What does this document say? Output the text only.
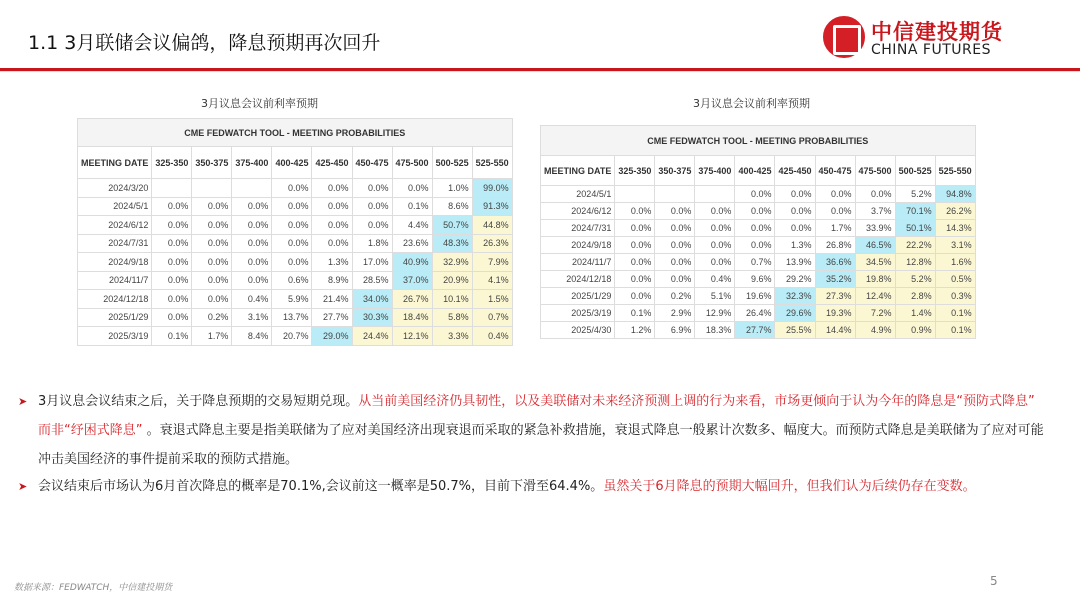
1.1 3月联储会议偏鸽，降息预期再次回升	中信建投期货
CHINA FUTURES
3月议息会议前利率预期	3月议息会议前利率预期
CME FEDWATCH TOOL - MEETING PROBABILITIES									
MEETING DATE	325-350	350-375	375-400	400-425	425-450	450-475	475-500	500-525	525-550
2024/3/20				0.0%	0.0%	0.0%	0.0%	1.0%	99.0%
2024/5/1	0.0%	0.0%	0.0%	0.0%	0.0%	0.0%	0.1%	8.6%	91.3%
2024/6/12	0.0%	0.0%	0.0%	0.0%	0.0%	0.0%	4.4%	50.7%	44.8%
2024/7/31	0.0%	0.0%	0.0%	0.0%	0.0%	1.8%	23.6%	48.3%	26.3%
2024/9/18	0.0%	0.0%	0.0%	0.0%	1.3%	17.0%	40.9%	32.9%	7.9%
2024/11/7	0.0%	0.0%	0.0%	0.6%	8.9%	28.5%	37.0%	20.9%	4.1%
2024/12/18	0.0%	0.0%	0.4%	5.9%	21.4%	34.0%	26.7%	10.1%	1.5%
2025/1/29	0.0%	0.2%	3.1%	13.7%	27.7%	30.3%	18.4%	5.8%	0.7%
2025/3/19	0.1%	1.7%	8.4%	20.7%	29.0%	24.4%	12.1%	3.3%	0.4%
CME FEDWATCH TOOL - MEETING PROBABILITIES									
MEETING DATE	325-350	350-375	375-400	400-425	425-450	450-475	475-500	500-525	525-550
2024/5/1				0.0%	0.0%	0.0%	0.0%	5.2%	94.8%
2024/6/12	0.0%	0.0%	0.0%	0.0%	0.0%	0.0%	3.7%	70.1%	26.2%
2024/7/31	0.0%	0.0%	0.0%	0.0%	0.0%	1.7%	33.9%	50.1%	14.3%
2024/9/18	0.0%	0.0%	0.0%	0.0%	1.3%	26.8%	46.5%	22.2%	3.1%
2024/11/7	0.0%	0.0%	0.0%	0.7%	13.9%	36.6%	34.5%	12.8%	1.6%
2024/12/18	0.0%	0.0%	0.4%	9.6%	29.2%	35.2%	19.8%	5.2%	0.5%
2025/1/29	0.0%	0.2%	5.1%	19.6%	32.3%	27.3%	12.4%	2.8%	0.3%
2025/3/19	0.1%	2.9%	12.9%	26.4%	29.6%	19.3%	7.2%	1.4%	0.1%
2025/4/30	1.2%	6.9%	18.3%	27.7%	25.5%	14.4%	4.9%	0.9%	0.1%
➤ 3月议息会议结束之后，关于降息预期的交易短期兑现。从当前美国经济仍具韧性，以及美联储对未来经济预测上调的行为来看，市场更倾向于认为今年的降息是“预防式降息” 而非“纾困式降息” 。衰退式降息主要是指美联储为了应对美国经济出现衰退而采取的紧急补救措施，衰退式降息一般累计次数多、幅度大。而预防式降息是美联储为了应对可能冲击美国经济的事件提前采取的预防式措施。
➤ 会议结束后市场认为6月首次降息的概率是70.1%,会议前这一概率是50.7%，目前下滑至64.4%。虽然关于6月降息的预期大幅回升，但我们认为后续仍存在变数。
数据来源：FEDWATCH，中信建投期货	5
